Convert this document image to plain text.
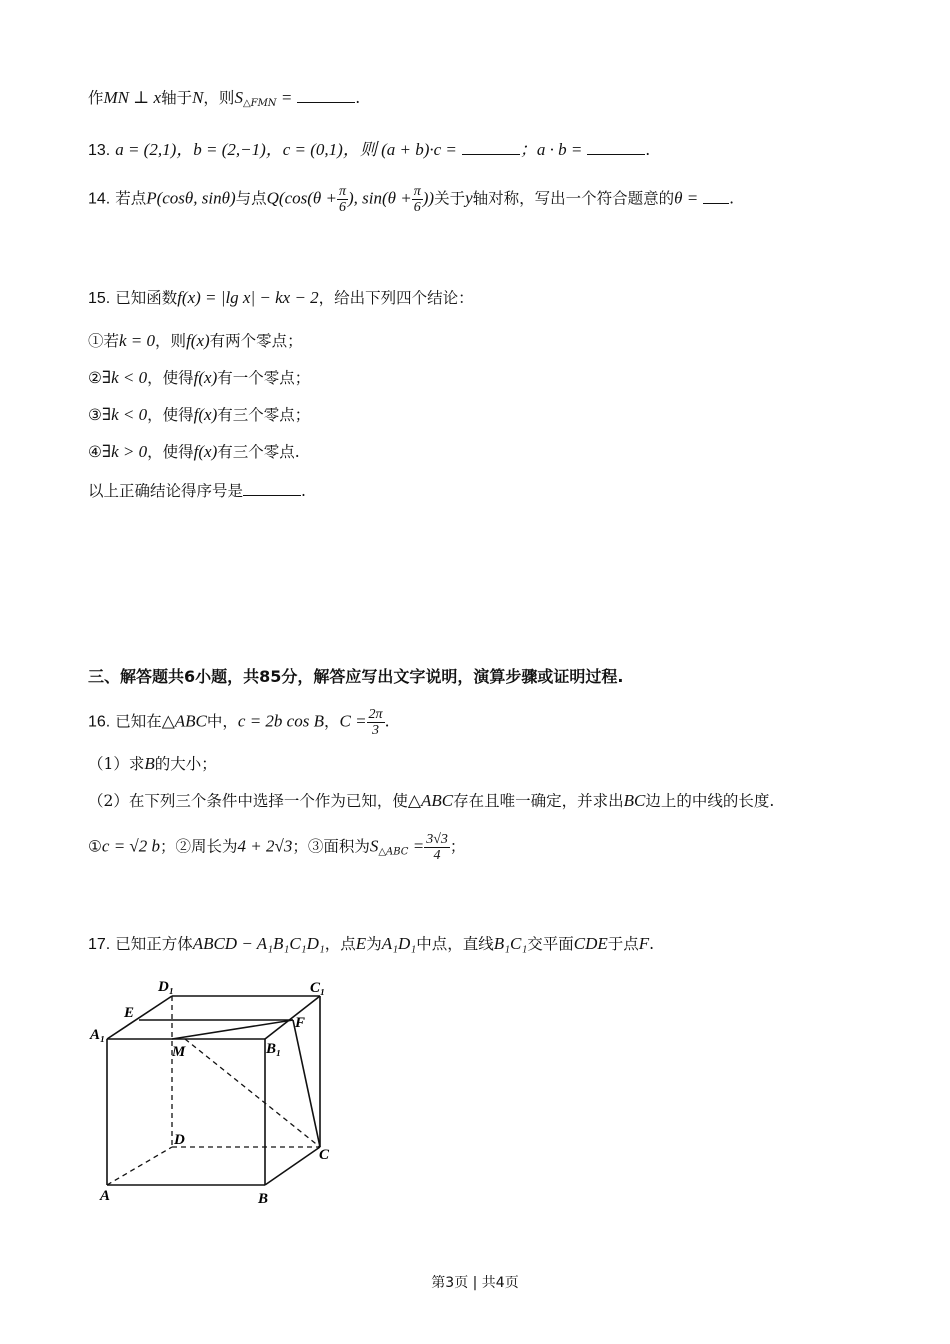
作MN ⊥ x轴于N，则$S_{\triangle FMN}$ =	.
13. a = (2,1)，b = (2,−1)，c = (0,1)，则 (a + b)·c =	；a · b =	.
14. 若点P(cosθ, sinθ)与点$Q(\cos(\theta + \frac{\pi}{6}$ ), $\sin(\theta + \frac{\pi}{6}$ ))关于y轴对称，写出一个符合题意的θ = .
15. 已知函数f(x) = |lg x| − kx − 2，给出下列四个结论：
①若k = 0，则f(x)有两个零点；
②∃k < 0，使得f(x)有一个零点；
③∃k < 0，使得f(x)有三个零点；
④∃k > 0，使得f(x)有三个零点.
以上正确结论得序号是	.
三、解答题共6小题，共85分，解答应写出文字说明，演算步骤或证明过程.
16. 已知在△ABC中，c = 2b cos B，$C = \frac{2\pi}{3}$ .
（1）求B的大小；
（2）在下列三个条件中选择一个作为已知，使△ABC存在且唯一确定，并求出BC边上的中线的长度.
①c = √2 b；②周长为4 + 2√3；③面积为$S_{\triangle ABC} = \frac{3√3}{4}$ ；
17. 已知正方体ABCD − A₁B₁C₁D₁，点E为A₁D₁中点，直线B₁C₁交平面CDE于点F.
D₁	C₁
E
F
A₁
M	B₁
D
C
A	B
第3页 | 共4页
